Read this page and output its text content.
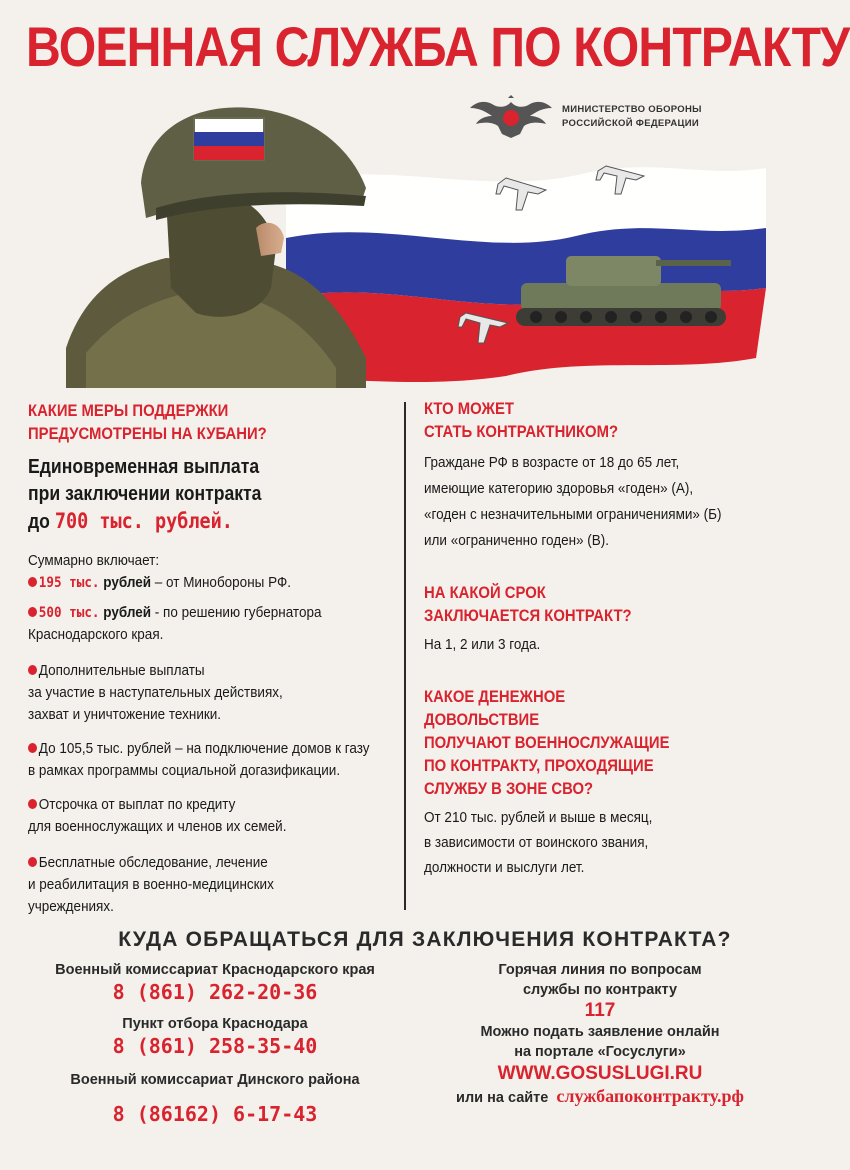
ВОЕННАЯ СЛУЖБА ПО КОНТРАКТУ
МИНИСТЕРСТВО ОБОРОНЫ
РОССИЙСКОЙ ФЕДЕРАЦИИ
КАКИЕ МЕРЫ ПОДДЕРЖКИ
ПРЕДУСМОТРЕНЫ НА КУБАНИ?
Единовременная выплата
при заключении контракта
до 700 тыс. рублей.
Суммарно включает:
195 тыс. рублей – от Минобороны РФ.
500 тыс. рублей - по решению губернатора
Краснодарского края.
Дополнительные выплаты
за участие в наступательных действиях,
захват и уничтожение техники.
До 105,5 тыс. рублей – на подключение домов к газу
в рамках программы социальной догазификации.
Отсрочка от выплат по кредиту
для военнослужащих и членов их семей.
Бесплатные обследование, лечение
и реабилитация в военно-медицинских
учреждениях.
КТО МОЖЕТ
СТАТЬ КОНТРАКТНИКОМ?
Граждане РФ в возрасте от 18 до 65 лет,
имеющие категорию здоровья «годен» (А),
«годен с незначительными ограничениями» (Б)
или «ограниченно годен» (В).
НА КАКОЙ СРОК
ЗАКЛЮЧАЕТСЯ КОНТРАКТ?
На 1, 2 или 3 года.
КАКОЕ ДЕНЕЖНОЕ
ДОВОЛЬСТВИЕ
ПОЛУЧАЮТ ВОЕННОСЛУЖАЩИЕ
ПО КОНТРАКТУ, ПРОХОДЯЩИЕ
СЛУЖБУ В ЗОНЕ СВО?
От 210 тыс. рублей и выше в месяц,
в зависимости от воинского звания,
должности и выслуги лет.
КУДА ОБРАЩАТЬСЯ ДЛЯ ЗАКЛЮЧЕНИЯ КОНТРАКТА?
Военный комиссариат Краснодарского края
8 (861) 262-20-36
Пункт отбора Краснодара
8 (861) 258-35-40
Военный комиссариат Динского района
8 (86162) 6-17-43
Горячая линия по вопросам
службы по контракту
117
Можно подать заявление онлайн
на портале «Госуслуги»
WWW.GOSUSLUGI.RU
или на сайте службапоконтракту.рф
